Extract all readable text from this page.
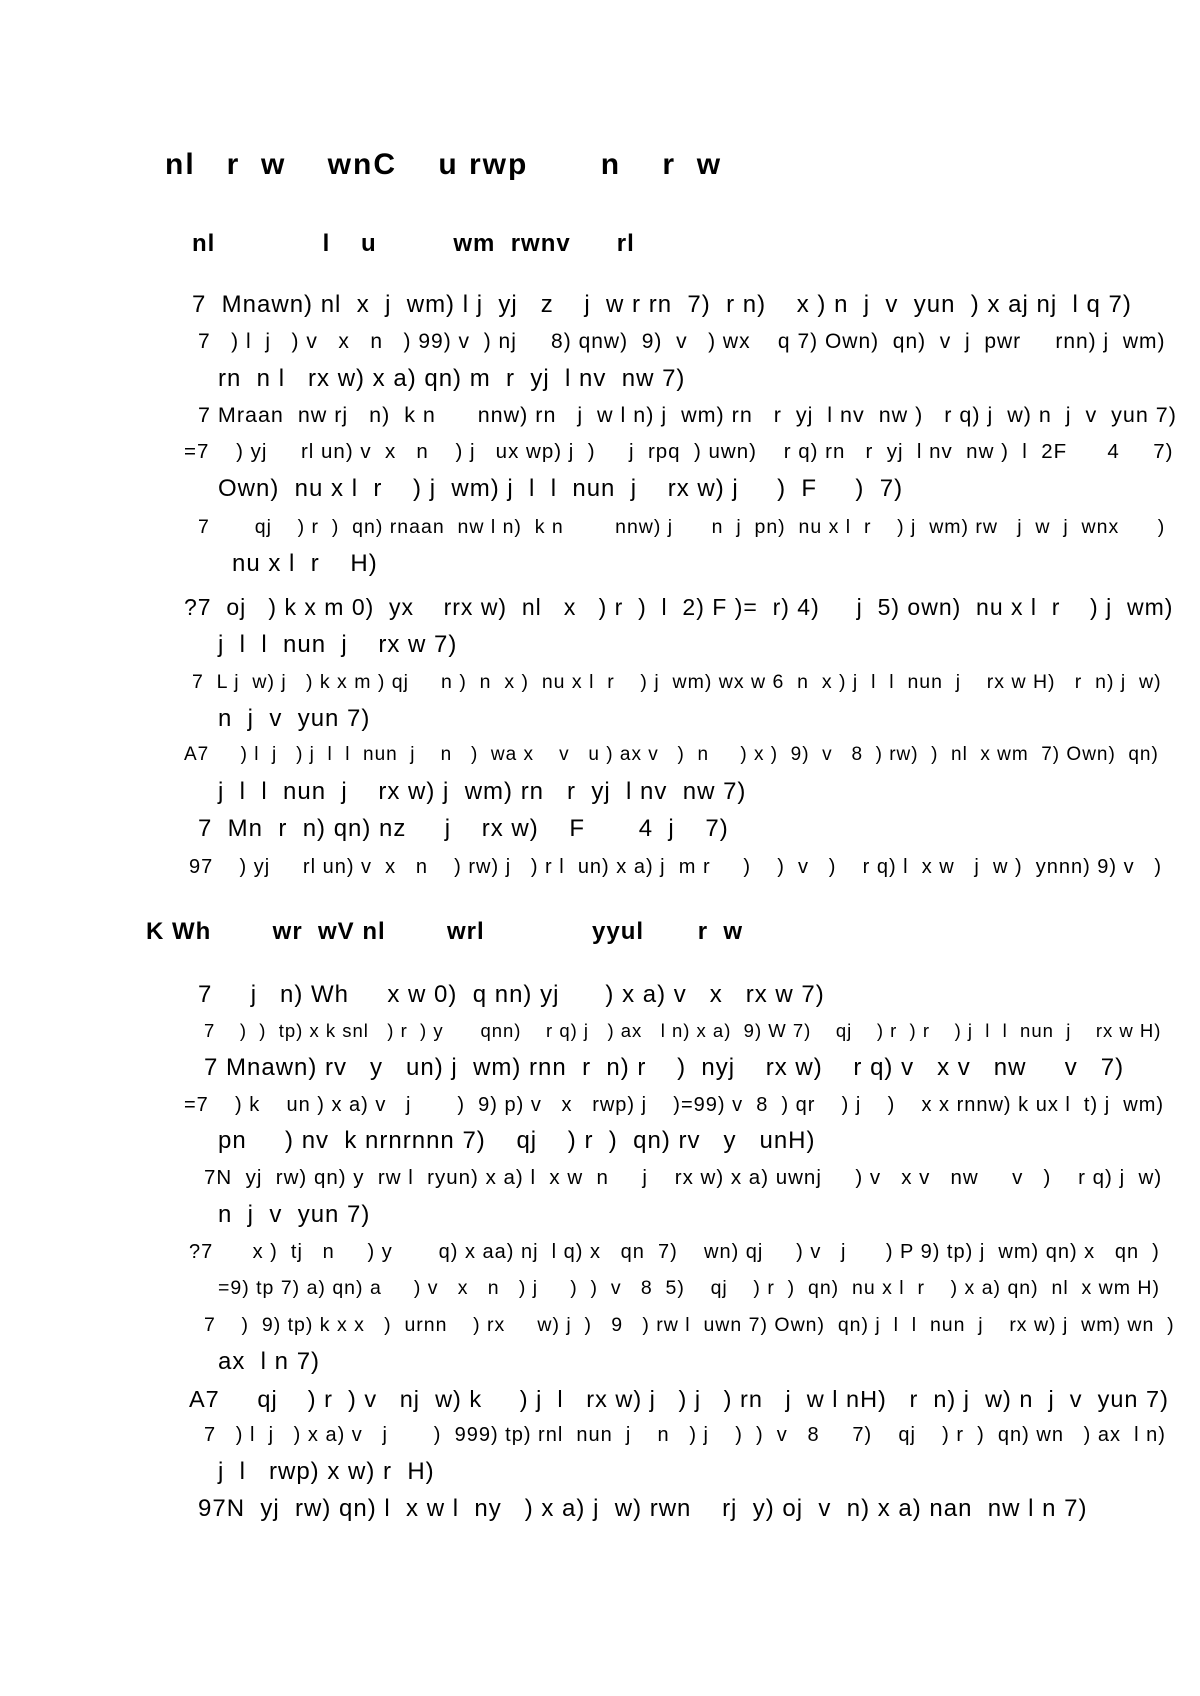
nl   r  w    wnC    u rwp       n    r  w
nl              l    u          wm  rwnv      rl
7  Mnawn) nl  x  j  wm) l j  yj   z    j  w r rn  7)  r n)    x ) n  j  v  yun  ) x aj nj  l q 7)
7   ) l  j   ) v   x   n   ) 99) v  ) nj     8) qnw)  9)  v   ) wx    q 7) Own)  qn)  v  j  pwr     rnn) j  wm)
rn  n l   rx w) x a) qn) m  r  yj  l nv  nw 7)
7 Mraan  nw rj   n)  k n      nnw) rn   j  w l n) j  wm) rn   r  yj  l nv  nw )   r q) j  w) n  j  v  yun 7)
=7    ) yj     rl un) v  x   n    ) j   ux wp) j  )     j  rpq  ) uwn)    r q) rn   r  yj  l nv  nw )  l  2F      4     7)
Own)  nu x l  r    ) j  wm) j  l  l  nun  j    rx w) j     )  F     )  7)
7       qj    ) r  )  qn) rnaan  nw l n)  k n        nnw) j      n  j  pn)  nu x l  r    ) j  wm) rw   j  w  j  wnx      )
nu x l  r    H)
?7  oj   ) k x m 0)  yx    rrx w)  nl   x   ) r  )  l  2) F )=  r) 4)     j  5) own)  nu x l  r    ) j  wm)
j  l  l  nun  j    rx w 7)
7  L j  w) j   ) k x m ) qj     n )  n  x )  nu x l  r    ) j  wm) wx w 6  n  x ) j  l  l  nun  j    rx w H)   r  n) j  w)
n  j  v  yun 7)
A7     ) l  j   ) j  l  l  nun  j    n   )  wa x    v   u ) ax v   )  n     ) x )  9)  v   8  ) rw)  )  nl  x wm  7) Own)  qn)
j  l  l  nun  j    rx w) j  wm) rn   r  yj  l nv  nw 7)
7  Mn  r  n) qn) nz     j    rx w)    F       4  j    7)
97    ) yj     rl un) v  x   n    ) rw) j   ) r l  un) x a) j  m r     )    )  v   )    r q) l  x w   j  w )  ynnn) 9) v   )
K Wh        wr  wV nl        wrl              yyul       r  w
7     j   n) Wh     x w 0)  q nn) yj      ) x a) v   x   rx w 7)
7    )  )  tp) x k snl   ) r  ) y      qnn)    r q) j   ) ax   l n) x a)  9) W 7)    qj    ) r  ) r    ) j  l  l  nun  j    rx w H)
7 Mnawn) rv   y   un) j  wm) rnn  r  n) r    )  nyj    rx w)    r q) v   x v   nw     v   7)
=7    ) k    un ) x a) v   j       )  9) p) v   x   rwp) j    )=99) v  8  ) qr    ) j    )    x x rnnw) k ux l  t) j  wm)
pn     ) nv  k nrnrnnn 7)    qj    ) r  )  qn) rv   y   unH)
7N  yj  rw) qn) y  rw l  ryun) x a) l  x w  n     j    rx w) x a) uwnj     ) v   x v   nw     v   )    r q) j  w)
n  j  v  yun 7)
?7      x )  tj   n     ) y       q) x aa) nj  l q) x   qn  7)    wn) qj     ) v   j      ) P 9) tp) j  wm) qn) x   qn  )
=9) tp 7) a) qn) a     ) v   x   n   ) j     )  )  v   8  5)    qj    ) r  )  qn)  nu x l  r    ) x a) qn)  nl  x wm H)
7    )  9) tp) k x x   )  urnn    ) rx     w) j  )   9   ) rw l  uwn 7) Own)  qn) j  l  l  nun  j    rx w) j  wm) wn  )
ax  l n 7)
A7     qj    ) r  ) v   nj  w) k     ) j  l   rx w) j   ) j   ) rn   j  w l nH)   r  n) j  w) n  j  v  yun 7)
7   ) l  j   ) x a) v   j       )  999) tp) rnl  nun  j    n   ) j    )  )  v   8     7)    qj    ) r  )  qn) wn   ) ax  l n)
j  l   rwp) x w) r  H)
97N  yj  rw) qn) l  x w l  ny   ) x a) j  w) rwn    rj  y) oj  v  n) x a) nan  nw l n 7)
